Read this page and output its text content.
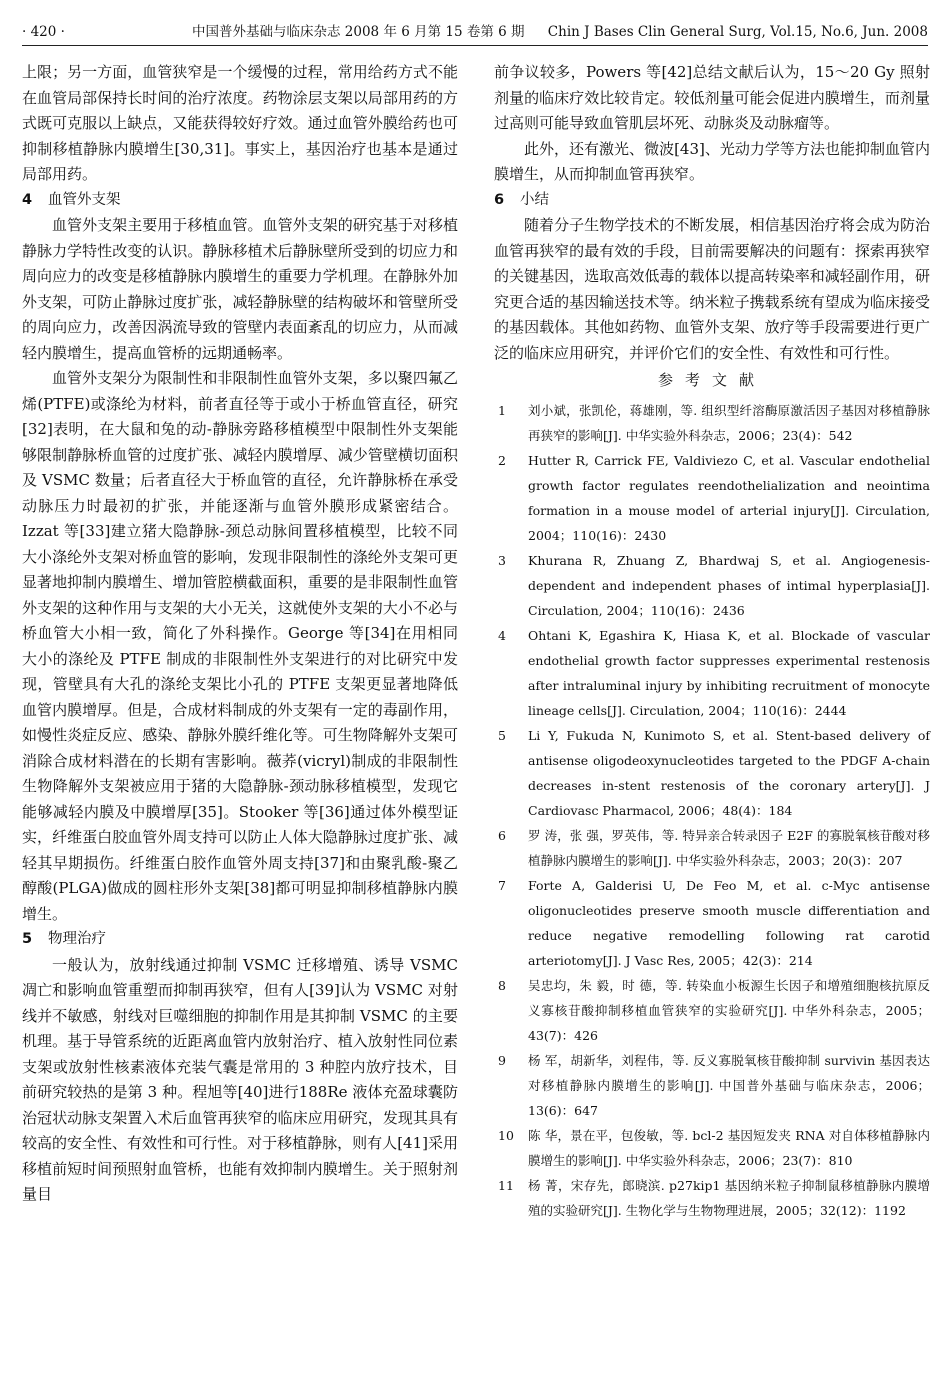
· 420 ·	中国普外基础与临床杂志 2008 年 6 月第 15 卷第 6 期	Chin J Bases Clin General Surg, Vol.15, No.6, Jun. 2008

上限；另一方面，血管狭窄是一个缓慢的过程，常用给药方式不能在血管局部保持长时间的治疗浓度。药物涂层支架以局部用药的方式既可克服以上缺点，又能获得较好疗效。通过血管外膜给药也可抑制移植静脉内膜增生[30,31]。事实上，基因治疗也基本是通过局部用药。

4 血管外支架

血管外支架主要用于移植血管。血管外支架的研究基于对移植静脉力学特性改变的认识。静脉移植术后静脉壁所受到的切应力和周向应力的改变是移植静脉内膜增生的重要力学机理。在静脉外加外支架，可防止静脉过度扩张，减轻静脉壁的结构破坏和管壁所受的周向应力，改善因涡流导致的管壁内表面紊乱的切应力，从而减轻内膜增生，提高血管桥的远期通畅率。

血管外支架分为限制性和非限制性血管外支架，多以聚四氟乙烯(PTFE)或涤纶为材料，前者直径等于或小于桥血管直径，研究[32]表明，在大鼠和兔的动-静脉旁路移植模型中限制性外支架能够限制静脉桥血管的过度扩张、减轻内膜增厚、减少管壁横切面积及 VSMC 数量；后者直径大于桥血管的直径，允许静脉桥在承受动脉压力时最初的扩张，并能逐渐与血管外膜形成紧密结合。Izzat 等[33]建立猪大隐静脉-颈总动脉间置移植模型，比较不同大小涤纶外支架对桥血管的影响，发现非限制性的涤纶外支架可更显著地抑制内膜增生、增加管腔横截面积，重要的是非限制性血管外支架的这种作用与支架的大小无关，这就使外支架的大小不必与桥血管大小相一致，简化了外科操作。George 等[34]在用相同大小的涤纶及 PTFE 制成的非限制性外支架进行的对比研究中发现，管壁具有大孔的涤纶支架比小孔的 PTFE 支架更显著地降低血管内膜增厚。但是，合成材料制成的外支架有一定的毒副作用，如慢性炎症反应、感染、静脉外膜纤维化等。可生物降解外支架可消除合成材料潜在的长期有害影响。薇荞(vicryl)制成的非限制性生物降解外支架被应用于猪的大隐静脉-颈动脉移植模型，发现它能够减轻内膜及中膜增厚[35]。Stooker 等[36]通过体外模型证实，纤维蛋白胶血管外周支持可以防止人体大隐静脉过度扩张、减轻其早期损伤。纤维蛋白胶作血管外周支持[37]和由聚乳酸-聚乙醇酸(PLGA)做成的圆柱形外支架[38]都可明显抑制移植静脉内膜增生。

5 物理治疗

一般认为，放射线通过抑制 VSMC 迁移增殖、诱导 VSMC 凋亡和影响血管重塑而抑制再狭窄，但有人[39]认为 VSMC 对射线并不敏感，射线对巨噬细胞的抑制作用是其抑制 VSMC 的主要机理。基于导管系统的近距离血管内放射治疗、植入放射性同位素支架或放射性核素液体充装气囊是常用的 3 种腔内放疗技术，目前研究较热的是第 3 种。程旭等[40]进行188Re 液体充盈球囊防治冠状动脉支架置入术后血管再狭窄的临床应用研究，发现其具有较高的安全性、有效性和可行性。对于移植静脉，则有人[41]采用移植前短时间预照射血管桥，也能有效抑制内膜增生。关于照射剂量目

前争议较多，Powers 等[42]总结文献后认为，15～20 Gy 照射剂量的临床疗效比较肯定。较低剂量可能会促进内膜增生，而剂量过高则可能导致血管肌层坏死、动脉炎及动脉瘤等。

此外，还有激光、微波[43]、光动力学等方法也能抑制血管内膜增生，从而抑制血管再狭窄。

6 小结

随着分子生物学技术的不断发展，相信基因治疗将会成为防治血管再狭窄的最有效的手段，目前需要解决的问题有：探索再狭窄的关键基因，选取高效低毒的载体以提高转染率和减轻副作用，研究更合适的基因输送技术等。纳米粒子携载系统有望成为临床接受的基因载体。其他如药物、血管外支架、放疗等手段需要进行更广泛的临床应用研究，并评价它们的安全性、有效性和可行性。

参考文献
1	刘小斌，张凯伦，蒋雄刚，等. 组织型纤溶酶原激活因子基因对移植静脉再狭窄的影响[J]. 中华实验外科杂志，2006；23(4)：542
2	Hutter R, Carrick FE, Valdiviezo C, et al. Vascular endothelial growth factor regulates reendothelialization and neointima formation in a mouse model of arterial injury[J]. Circulation, 2004；110(16)：2430
3	Khurana R, Zhuang Z, Bhardwaj S, et al. Angiogenesis-dependent and independent phases of intimal hyperplasia[J]. Circulation, 2004；110(16)：2436
4	Ohtani K, Egashira K, Hiasa K, et al. Blockade of vascular endothelial growth factor suppresses experimental restenosis after intraluminal injury by inhibiting recruitment of monocyte lineage cells[J]. Circulation, 2004；110(16)：2444
5	Li Y, Fukuda N, Kunimoto S, et al. Stent-based delivery of antisense oligodeoxynucleotides targeted to the PDGF A-chain decreases in-stent restenosis of the coronary artery[J]. J Cardiovasc Pharmacol, 2006；48(4)：184
6	罗 涛，张 强，罗英伟，等. 特异亲合转录因子 E2F 的寡脱氧核苷酸对移植静脉内膜增生的影响[J]. 中华实验外科杂志，2003；20(3)：207
7	Forte A, Galderisi U, De Feo M, et al. c-Myc antisense oligonucleotides preserve smooth muscle differentiation and reduce negative remodelling following rat carotid arteriotomy[J]. J Vasc Res, 2005；42(3)：214
8	吴忠均，朱 毅，时 德，等. 转染血小板源生长因子和增殖细胞核抗原反义寡核苷酸抑制移植血管狭窄的实验研究[J]. 中华外科杂志，2005；43(7)：426
9	杨 军，胡新华，刘程伟，等. 反义寡脱氧核苷酸抑制 survivin 基因表达对移植静脉内膜增生的影响[J]. 中国普外基础与临床杂志，2006；13(6)：647
10	陈 华，景在平，包俊敏，等. bcl-2 基因短发夹 RNA 对自体移植静脉内膜增生的影响[J]. 中华实验外科杂志，2006；23(7)：810
11	杨 菁，宋存先，郎晓滨. p27kip1 基因纳米粒子抑制鼠移植静脉内膜增殖的实验研究[J]. 生物化学与生物物理进展，2005；32(12)：1192
